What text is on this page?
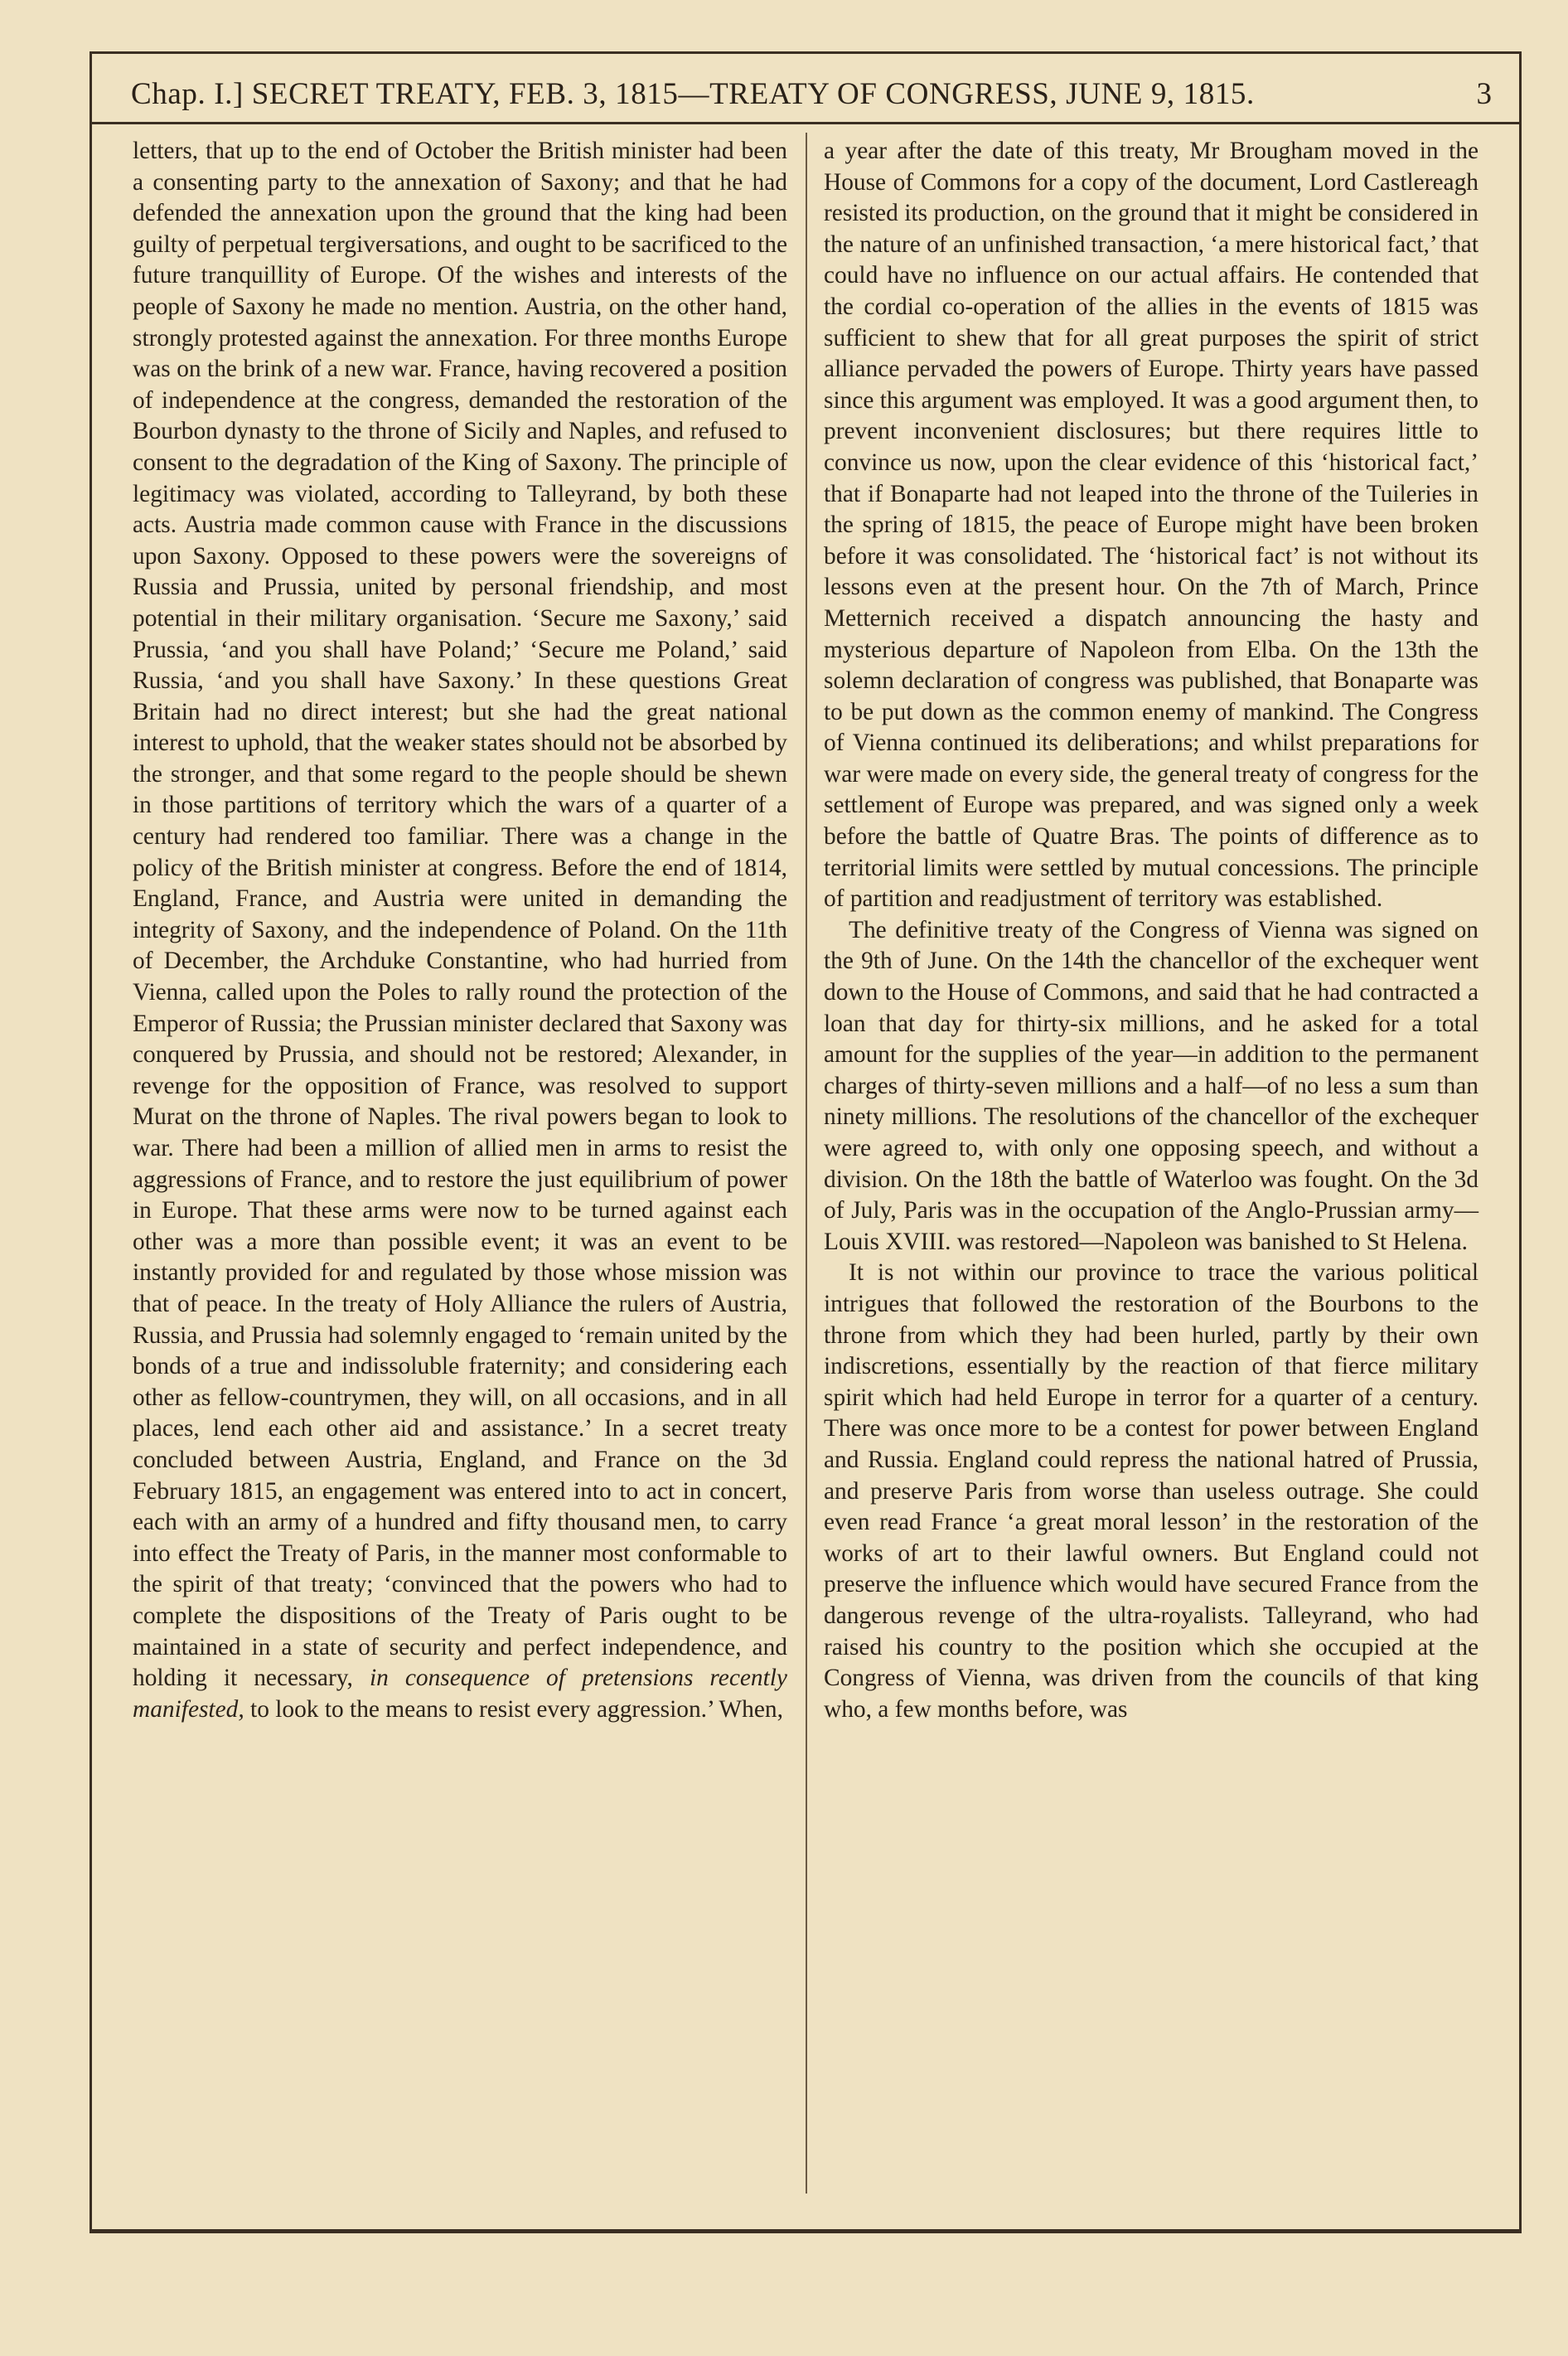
Chap. I.] SECRET TREATY, FEB. 3, 1815—TREATY OF CONGRESS, JUNE 9, 1815.	3

letters, that up to the end of October the British minister had been a consenting party to the annexation of Saxony; and that he had defended the annexation upon the ground that the king had been guilty of perpetual tergiversations, and ought to be sacrificed to the future tranquillity of Europe. Of the wishes and interests of the people of Saxony he made no mention. Austria, on the other hand, strongly protested against the annexation. For three months Europe was on the brink of a new war. France, having recovered a position of independence at the congress, demanded the restoration of the Bourbon dynasty to the throne of Sicily and Naples, and refused to consent to the degradation of the King of Saxony. The principle of legitimacy was violated, according to Talleyrand, by both these acts. Austria made common cause with France in the discussions upon Saxony. Opposed to these powers were the sovereigns of Russia and Prussia, united by personal friendship, and most potential in their military organisation. ‘Secure me Saxony,’ said Prussia, ‘and you shall have Poland;’ ‘Secure me Poland,’ said Russia, ‘and you shall have Saxony.’ In these questions Great Britain had no direct interest; but she had the great national interest to uphold, that the weaker states should not be absorbed by the stronger, and that some regard to the people should be shewn in those partitions of territory which the wars of a quarter of a century had rendered too familiar. There was a change in the policy of the British minister at congress. Before the end of 1814, England, France, and Austria were united in demanding the integrity of Saxony, and the independence of Poland. On the 11th of December, the Archduke Constantine, who had hurried from Vienna, called upon the Poles to rally round the protection of the Emperor of Russia; the Prussian minister declared that Saxony was conquered by Prussia, and should not be restored; Alexander, in revenge for the opposition of France, was resolved to support Murat on the throne of Naples. The rival powers began to look to war. There had been a million of allied men in arms to resist the aggressions of France, and to restore the just equilibrium of power in Europe. That these arms were now to be turned against each other was a more than possible event; it was an event to be instantly provided for and regulated by those whose mission was that of peace. In the treaty of Holy Alliance the rulers of Austria, Russia, and Prussia had solemnly engaged to ‘remain united by the bonds of a true and indissoluble fraternity; and considering each other as fellow-countrymen, they will, on all occasions, and in all places, lend each other aid and assistance.’ In a secret treaty concluded between Austria, England, and France on the 3d February 1815, an engagement was entered into to act in concert, each with an army of a hundred and fifty thousand men, to carry into effect the Treaty of Paris, in the manner most conformable to the spirit of that treaty; ‘convinced that the powers who had to complete the dispositions of the Treaty of Paris ought to be maintained in a state of security and perfect independence, and holding it necessary, in consequence of pretensions recently manifested, to look to the means to resist every aggression.’ When,

a year after the date of this treaty, Mr Brougham moved in the House of Commons for a copy of the document, Lord Castlereagh resisted its production, on the ground that it might be considered in the nature of an unfinished transaction, ‘a mere historical fact,’ that could have no influence on our actual affairs. He contended that the cordial co-operation of the allies in the events of 1815 was sufficient to shew that for all great purposes the spirit of strict alliance pervaded the powers of Europe. Thirty years have passed since this argument was employed. It was a good argument then, to prevent inconvenient disclosures; but there requires little to convince us now, upon the clear evidence of this ‘historical fact,’ that if Bonaparte had not leaped into the throne of the Tuileries in the spring of 1815, the peace of Europe might have been broken before it was consolidated. The ‘historical fact’ is not without its lessons even at the present hour. On the 7th of March, Prince Metternich received a dispatch announcing the hasty and mysterious departure of Napoleon from Elba. On the 13th the solemn declaration of congress was published, that Bonaparte was to be put down as the common enemy of mankind. The Congress of Vienna continued its deliberations; and whilst preparations for war were made on every side, the general treaty of congress for the settlement of Europe was prepared, and was signed only a week before the battle of Quatre Bras. The points of difference as to territorial limits were settled by mutual concessions. The principle of partition and readjustment of territory was established.

The definitive treaty of the Congress of Vienna was signed on the 9th of June. On the 14th the chancellor of the exchequer went down to the House of Commons, and said that he had contracted a loan that day for thirty-six millions, and he asked for a total amount for the supplies of the year—in addition to the permanent charges of thirty-seven millions and a half—of no less a sum than ninety millions. The resolutions of the chancellor of the exchequer were agreed to, with only one opposing speech, and without a division. On the 18th the battle of Waterloo was fought. On the 3d of July, Paris was in the occupation of the Anglo-Prussian army—Louis XVIII. was restored—Napoleon was banished to St Helena.

It is not within our province to trace the various political intrigues that followed the restoration of the Bourbons to the throne from which they had been hurled, partly by their own indiscretions, essentially by the reaction of that fierce military spirit which had held Europe in terror for a quarter of a century. There was once more to be a contest for power between England and Russia. England could repress the national hatred of Prussia, and preserve Paris from worse than useless outrage. She could even read France ‘a great moral lesson’ in the restoration of the works of art to their lawful owners. But England could not preserve the influence which would have secured France from the dangerous revenge of the ultra-royalists. Talleyrand, who had raised his country to the position which she occupied at the Congress of Vienna, was driven from the councils of that king who, a few months before, was
